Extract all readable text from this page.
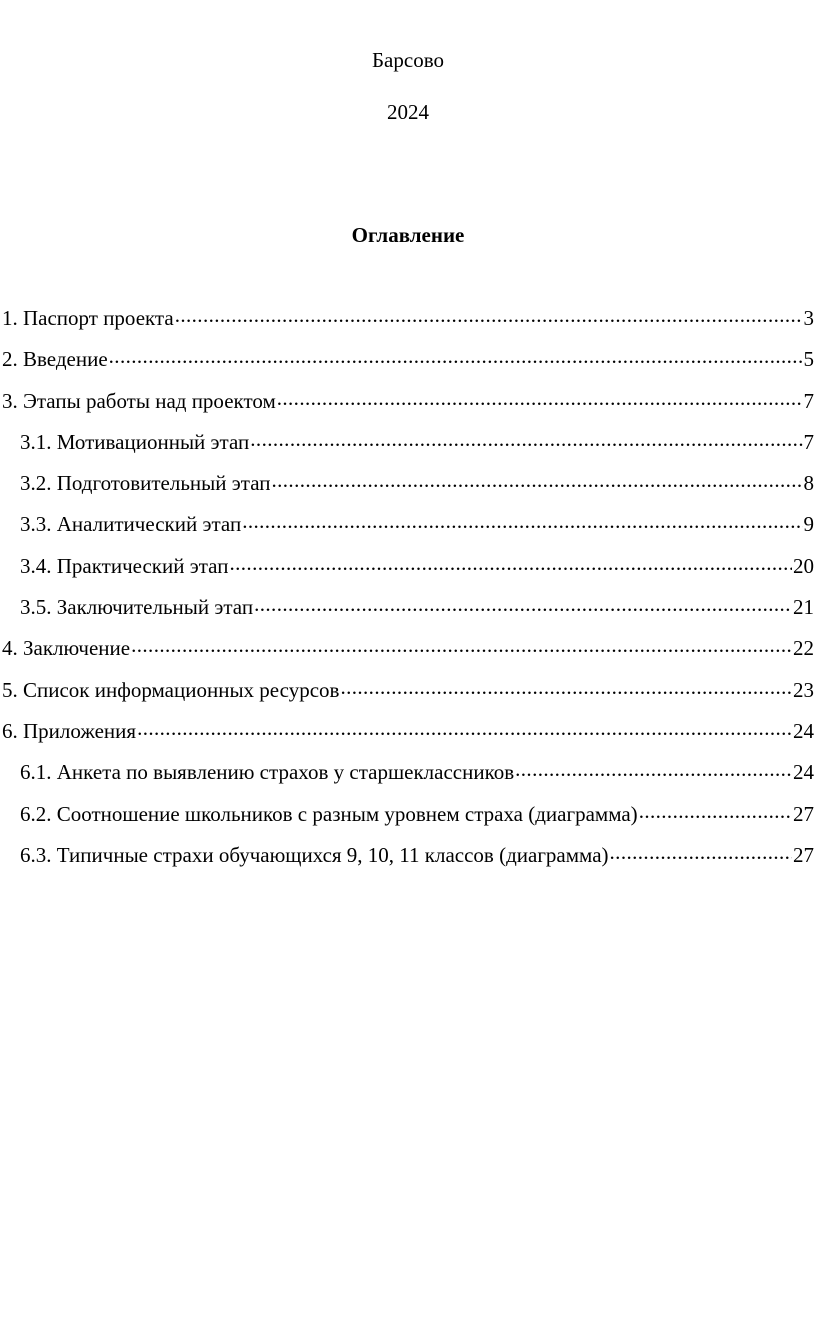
Барсово
2024
Оглавление
1. Паспорт проекта .....	3
2. Введение .....	5
3. Этапы работы над проектом .....	7
3.1. Мотивационный этап .....	7
3.2. Подготовительный этап .....	8
3.3. Аналитический этап .....	9
3.4. Практический этап .....	20
3.5. Заключительный этап .....	21
4. Заключение .....	22
5. Список информационных ресурсов .....	23
6. Приложения .....	24
6.1. Анкета по выявлению страхов у старшеклассников .....	24
6.2. Соотношение школьников с разным уровнем страха (диаграмма) .....	27
6.3. Типичные страхи обучающихся 9, 10, 11 классов (диаграмма) .....	27
